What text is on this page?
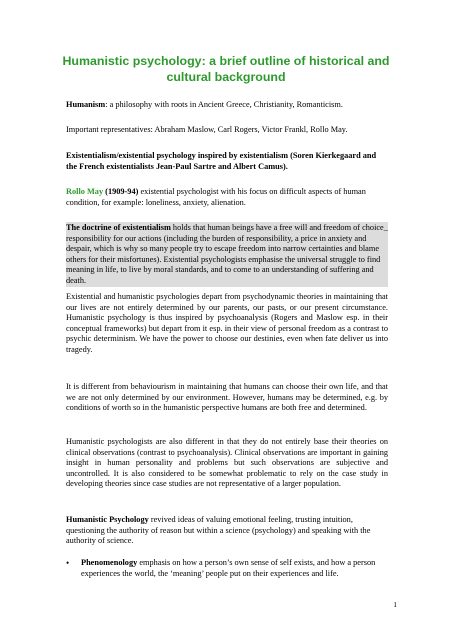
Humanistic psychology: a brief outline of historical and cultural background
Humanism: a philosophy with roots in Ancient Greece, Christianity, Romanticism.
Important representatives: Abraham Maslow, Carl Rogers, Victor Frankl, Rollo May.
Existentialism/existential psychology inspired by existentialism (Soren Kierkegaard and the French existentialists Jean-Paul Sartre and Albert Camus).
Rollo May (1909-94) existential psychologist with his focus on difficult aspects of human condition, for example: loneliness, anxiety, alienation.
The doctrine of existentialism holds that human beings have a free will and freedom of choice_ responsibility for our actions (including the burden of responsibility, a price in anxiety and despair, which is why so many people try to escape freedom into narrow certainties and blame others for their misfortunes). Existential psychologists emphasise the universal struggle to find meaning in life, to live by moral standards, and to come to an understanding of suffering and death.
Existential and humanistic psychologies depart from psychodynamic theories in maintaining that our lives are not entirely determined by our parents, our pasts, or our present circumstance. Humanistic psychology is thus inspired by psychoanalysis (Rogers and Maslow esp. in their conceptual frameworks) but depart from it esp. in their view of personal freedom as a contrast to psychic determinism. We have the power to choose our destinies, even when fate deliver us into tragedy.
It is different from behaviourism in maintaining that humans can choose their own life, and that we are not only determined by our environment. However, humans may be determined, e.g. by conditions of worth so in the humanistic perspective humans are both free and determined.
Humanistic psychologists are also different in that they do not entirely base their theories on clinical observations (contrast to psychoanalysis). Clinical observations are important in gaining insight in human personality and problems but such observations are subjective and uncontrolled. It is also considered to be somewhat problematic to rely on the case study in developing theories since case studies are not representative of a larger population.
Humanistic Psychology revived ideas of valuing emotional feeling, trusting intuition, questioning the authority of reason but within a science (psychology) and speaking with the authority of science.
• Phenomenology emphasis on how a person’s own sense of self exists, and how a person experiences the world, the ‘meaning’ people put on their experiences and life.
1
